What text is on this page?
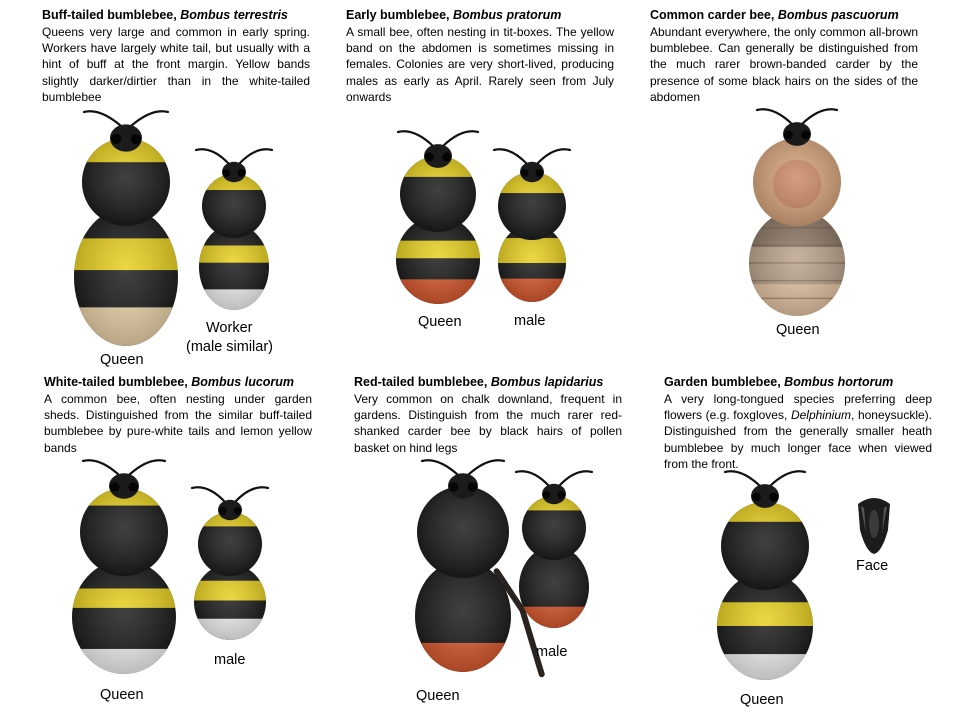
Buff-tailed bumblebee, Bombus terrestris
Queens very large and common in early spring. Workers have largely white tail, but usually with a hint of buff at the front margin. Yellow bands slightly darker/dirtier than in the white-tailed bumblebee
Early bumblebee, Bombus pratorum
A small bee, often nesting in tit-boxes. The yellow band on the abdomen is sometimes missing in females. Colonies are very short-lived, producing males as early as April. Rarely seen from July onwards
Common carder bee, Bombus pascuorum
Abundant everywhere, the only common all-brown bumblebee. Can generally be distinguished from the much rarer brown-banded carder by the presence of some black hairs on the sides of the abdomen
White-tailed bumblebee, Bombus lucorum
A common bee, often nesting under garden sheds. Distinguished from the similar buff-tailed bumblebee by pure-white tails and lemon yellow bands
Red-tailed bumblebee, Bombus lapidarius
Very common on chalk downland, frequent in gardens. Distinguish from the much rarer red-shanked carder bee by black hairs of pollen basket on hind legs
Garden bumblebee, Bombus hortorum
A very long-tongued species preferring deep flowers (e.g. foxgloves, Delphinium, honeysuckle). Distinguished from the generally smaller heath bumblebee by much longer face when viewed from the front.
Queen
Worker
(male similar)
Queen	male
Queen
Queen
male
Queen
male
Queen
Face
